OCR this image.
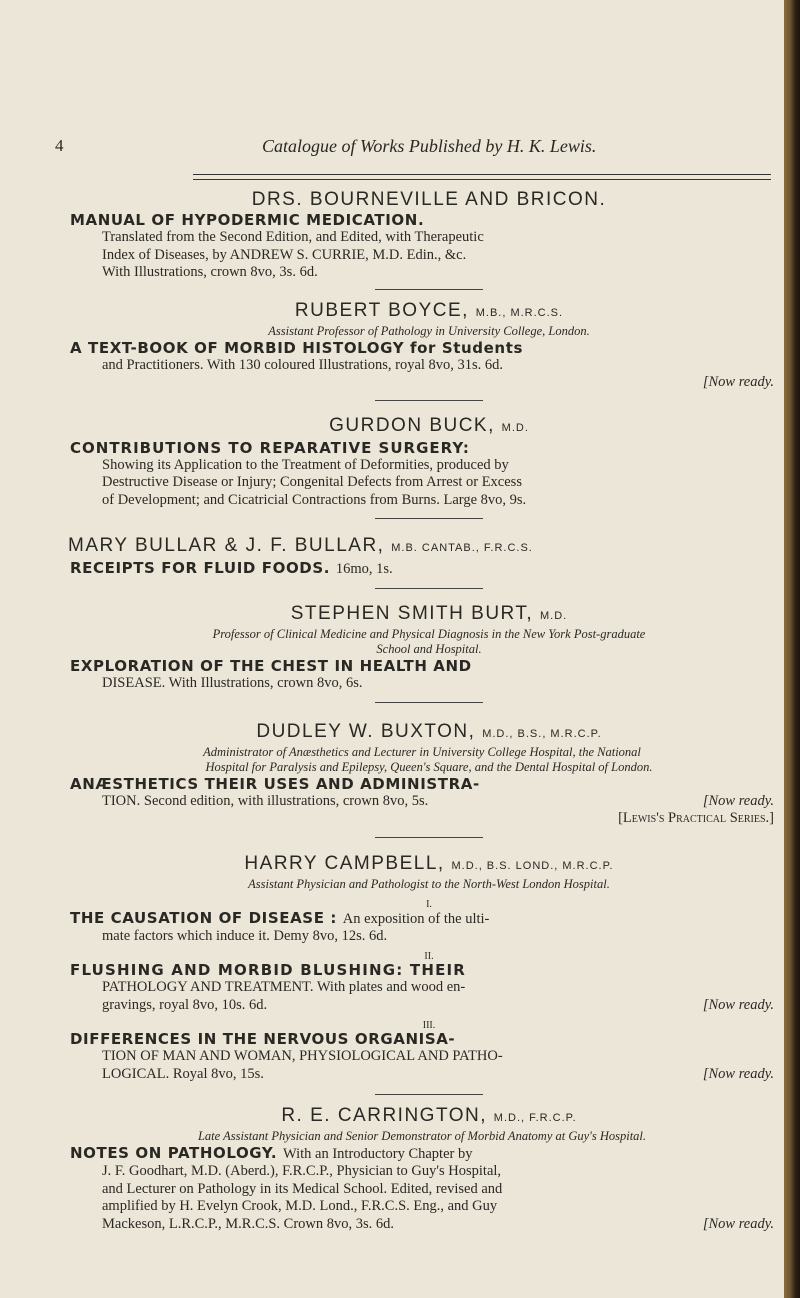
4	Catalogue of Works Published by H. K. Lewis.

DRS. BOURNEVILLE AND BRICON.

MANUAL OF HYPODERMIC MEDICATION.

Translated from the Second Edition, and Edited, with Therapeutic

Index of Diseases, by ANDREW S. CURRIE, M.D. Edin., &c.

With Illustrations, crown 8vo, 3s. 6d.

RUBERT BOYCE, M.B., M.R.C.S.

Assistant Professor of Pathology in University College, London.

A TEXT-BOOK OF MORBID HISTOLOGY for Students

and Practitioners. With 130 coloured Illustrations, royal 8vo, 31s. 6d.

[Now ready.

GURDON BUCK, M.D.

CONTRIBUTIONS TO REPARATIVE SURGERY:

Showing its Application to the Treatment of Deformities, produced by

Destructive Disease or Injury; Congenital Defects from Arrest or Excess

of Development; and Cicatricial Contractions from Burns. Large 8vo, 9s.

MARY BULLAR & J. F. BULLAR, M.B. CANTAB., F.R.C.S.

RECEIPTS FOR FLUID FOODS. 16mo, 1s.

STEPHEN SMITH BURT, M.D.

Professor of Clinical Medicine and Physical Diagnosis in the New York Post-graduate

School and Hospital.

EXPLORATION OF THE CHEST IN HEALTH AND

DISEASE. With Illustrations, crown 8vo, 6s.

DUDLEY W. BUXTON, M.D., B.S., M.R.C.P.

Administrator of Anæsthetics and Lecturer in University College Hospital, the National

Hospital for Paralysis and Epilepsy, Queen's Square, and the Dental Hospital of London.

ANÆSTHETICS THEIR USES AND ADMINISTRA-

TION. Second edition, with illustrations, crown 8vo, 5s.	[Now ready.
[Lewis's Practical Series.]

HARRY CAMPBELL, M.D., B.S. LOND., M.R.C.P.

Assistant Physician and Pathologist to the North-West London Hospital.

I.

THE CAUSATION OF DISEASE : An exposition of the ulti-

mate factors which induce it. Demy 8vo, 12s. 6d.

II.

FLUSHING AND MORBID BLUSHING: THEIR

PATHOLOGY AND TREATMENT. With plates and wood en-

gravings, royal 8vo, 10s. 6d.	[Now ready.

III.

DIFFERENCES IN THE NERVOUS ORGANISA-

TION OF MAN AND WOMAN, PHYSIOLOGICAL AND PATHO-

LOGICAL. Royal 8vo, 15s.	[Now ready.

R. E. CARRINGTON, M.D., F.R.C.P.

Late Assistant Physician and Senior Demonstrator of Morbid Anatomy at Guy's Hospital.

NOTES ON PATHOLOGY. With an Introductory Chapter by

J. F. Goodhart, M.D. (Aberd.), F.R.C.P., Physician to Guy's Hospital,

and Lecturer on Pathology in its Medical School. Edited, revised and

amplified by H. Evelyn Crook, M.D. Lond., F.R.C.S. Eng., and Guy

Mackeson, L.R.C.P., M.R.C.S. Crown 8vo, 3s. 6d.	[Now ready.
